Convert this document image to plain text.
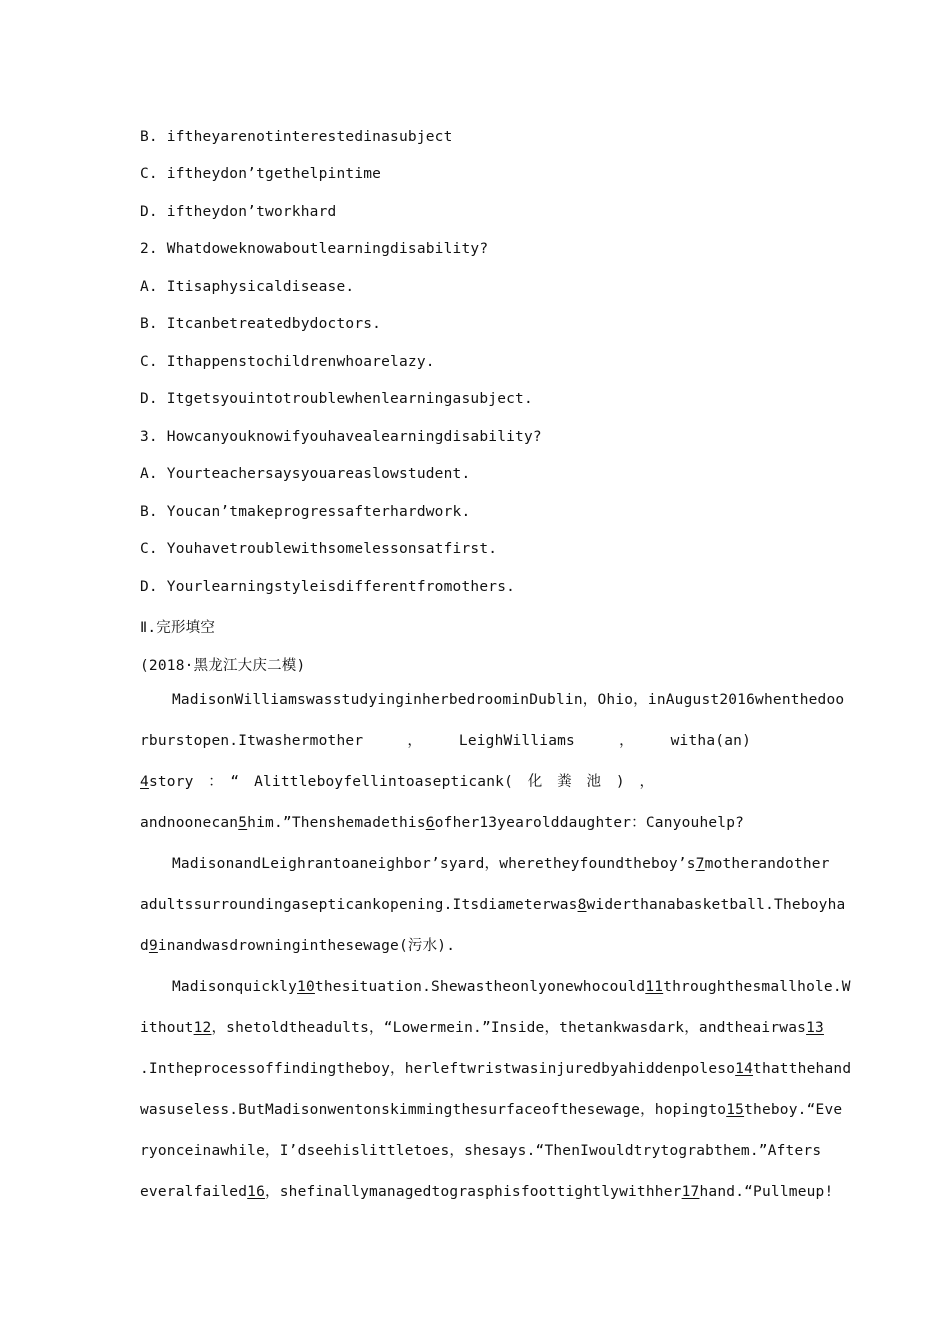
B. iftheyarenotinterestedinasubject
C. iftheydon’tgethelpintime
D. iftheydon’tworkhard
2. Whatdoweknowaboutlearningdisability?
A. Itisaphysicaldisease.
B. Itcanbetreatedbydoctors.
C. Ithappenstochildrenwhoarelazy.
D. Itgetsyouintotroublewhenlearningasubject.
3. Howcanyouknowifyouhavealearningdisability?
A. Yourteachersaysyouareaslowstudent.
B. Youcan’tmakeprogressafterhardwork.
C. Youhavetroublewithsomelessonsatfirst.
D. Yourlearningstyleisdifferentfromothers.
Ⅱ.完形填空
(2018·黑龙江大庆二模)
MadisonWilliamswasstudyinginherbedroominDublin，Ohio，inAugust2016whenthedoo
rburstopen.Itwashermother　　　，　　　LeighWilliams　　　，　　　witha(an)
4story　：　“　Alittleboyfellintoasepticank(　化　粪　池　)　，
andnoonecan5him.”Thenshemadethis6ofher13yearolddaughter：Canyouhelp?
MadisonandLeighrantoaneighbor’syard，wheretheyfoundtheboy’s7motherandother
adultssurroundingasepticankopening.Itsdiameterwas8widerthanabasketball.Theboyha
d9inandwasdrowninginthesewage(污水).
Madisonquickly10thesituation.Shewastheonlyonewhocould11throughthesmallhole.W
ithout12，shetoldtheadults，“Lowermein.”Inside，thetankwasdark，andtheairwas13
.Intheprocessoffindingtheboy，herleftwristwasinjuredbyahiddenpoleso14thatthehand
wasuseless.ButMadisonwentonskimmingthesurfaceofthesewage，hopingto15theboy.“Eve
ryonceinawhile，I’dseehislittletoes，shesays.“ThenIwouldtrytograbthem.”Afters
everalfailed16，shefinallymanagedtograsphisfoottightlywithher17hand.“Pullmeup!
